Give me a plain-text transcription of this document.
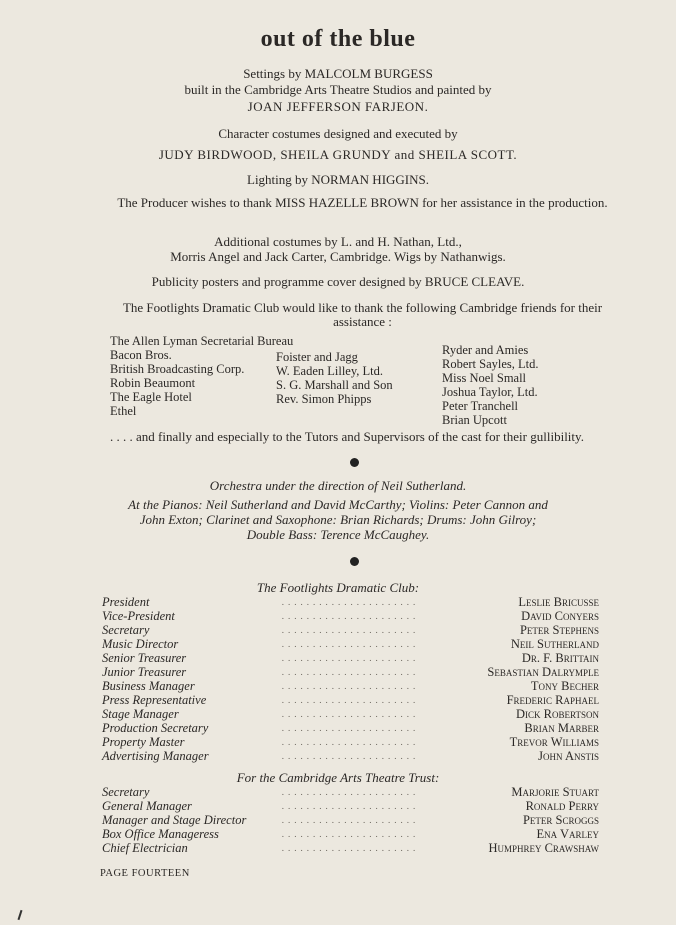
out of the blue
Settings by MALCOLM BURGESS
built in the Cambridge Arts Theatre Studios and painted by
JOAN JEFFERSON FARJEON.
Character costumes designed and executed by
JUDY BIRDWOOD, SHEILA GRUNDY and SHEILA SCOTT.
Lighting by NORMAN HIGGINS.
The Producer wishes to thank MISS HAZELLE BROWN for her assistance in the production.
Additional costumes by L. and H. Nathan, Ltd.,
Morris Angel and Jack Carter, Cambridge. Wigs by Nathanwigs.
Publicity posters and programme cover designed by BRUCE CLEAVE.
The Footlights Dramatic Club would like to thank the following Cambridge friends for their assistance :
The Allen Lyman Secretarial Bureau
Bacon Bros.
British Broadcasting Corp.
Robin Beaumont
The Eagle Hotel
Ethel
Foister and Jagg
W. Eaden Lilley, Ltd.
S. G. Marshall and Son
Rev. Simon Phipps
Ryder and Amies
Robert Sayles, Ltd.
Miss Noel Small
Joshua Taylor, Ltd.
Peter Tranchell
Brian Upcott
. . . . and finally and especially to the Tutors and Supervisors of the cast for their gullibility.
Orchestra under the direction of Neil Sutherland.
At the Pianos: Neil Sutherland and David McCarthy; Violins: Peter Cannon and
John Exton; Clarinet and Saxophone: Brian Richards; Drums: John Gilroy;
Double Bass: Terence McCaughey.
The Footlights Dramatic Club:
......................
President	Leslie Bricusse
......................
Vice-President	David Conyers
......................
Secretary	Peter Stephens
......................
Music Director	Neil Sutherland
......................
Senior Treasurer	Dr. F. Brittain
......................
Junior Treasurer	Sebastian Dalrymple
......................
Business Manager	Tony Becher
......................
Press Representative	Frederic Raphael
......................
Stage Manager	Dick Robertson
......................
Production Secretary	Brian Marber
......................
Property Master	Trevor Williams
......................
Advertising Manager	John Anstis
For the Cambridge Arts Theatre Trust:
......................
Secretary	Marjorie Stuart
......................
General Manager	Ronald Perry
......................
Manager and Stage Director	Peter Scroggs
......................
Box Office Manageress	Ena Varley
......................
Chief Electrician	Humphrey Crawshaw
PAGE FOURTEEN
